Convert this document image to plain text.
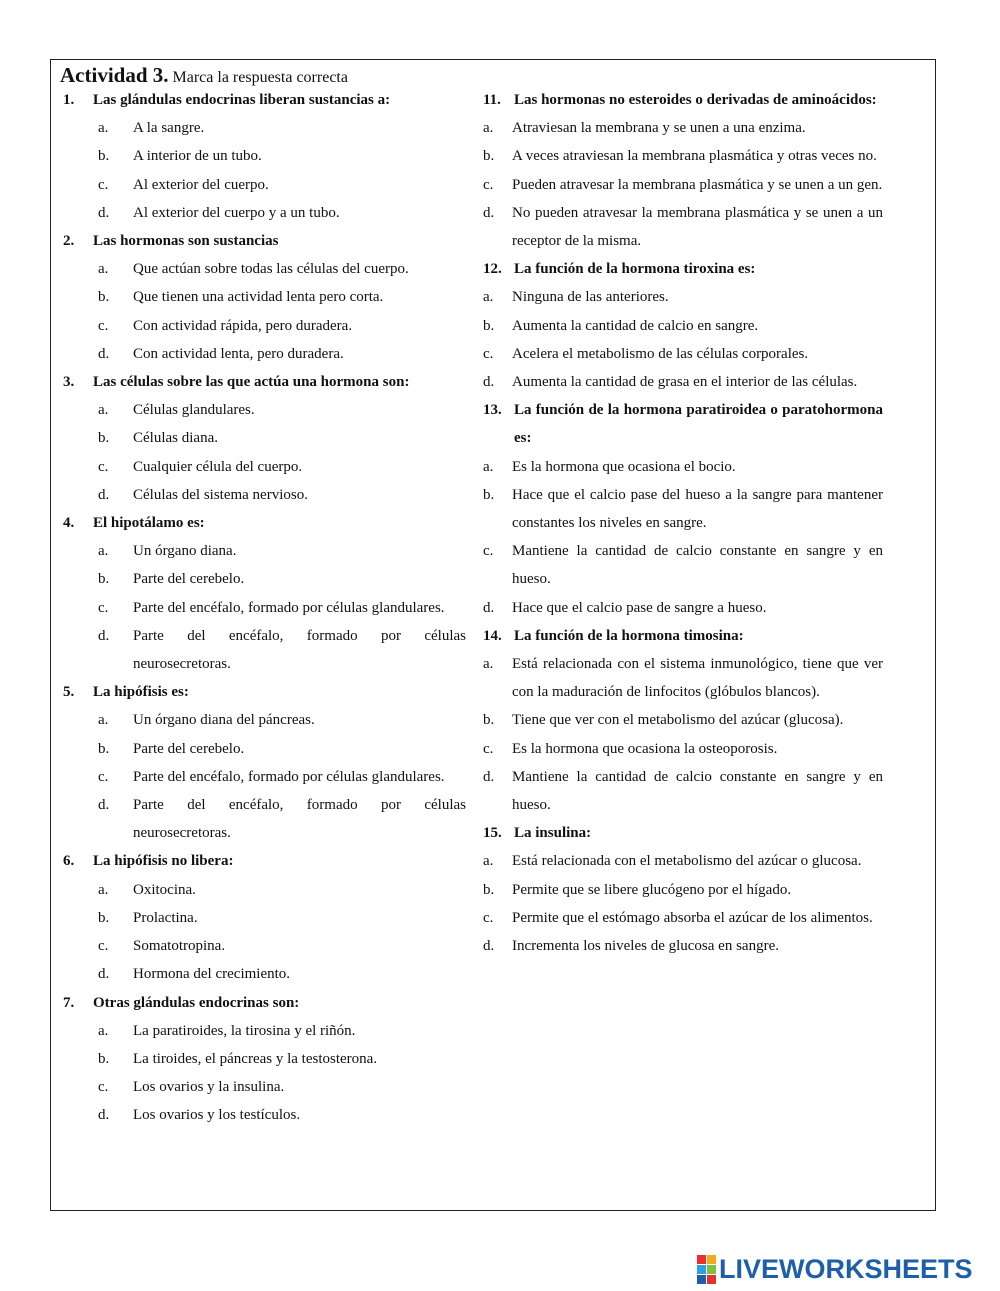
Actividad 3. Marca la respuesta correcta
1.	Las glándulas endocrinas liberan sustancias a:
a.	A la sangre.
b.	A interior de un tubo.
c.	Al exterior del cuerpo.
d.	Al exterior del cuerpo y a un tubo.
2.	Las hormonas son sustancias
a.	Que actúan sobre todas las células del cuerpo.
b.	Que tienen una actividad lenta pero corta.
c.	Con actividad rápida, pero duradera.
d.	Con actividad lenta, pero duradera.
3.	Las células sobre las que actúa una hormona son:
a.	Células glandulares.
b.	Células diana.
c.	Cualquier célula del cuerpo.
d.	Células del sistema nervioso.
4.	El hipotálamo es:
a.	Un órgano diana.
b.	Parte del cerebelo.
c.	Parte del encéfalo, formado por células glandulares.
d.	Parte del encéfalo, formado por células neurosecretoras.
5.	La hipófisis es:
a.	Un órgano diana del páncreas.
b.	Parte del cerebelo.
c.	Parte del encéfalo, formado por células glandulares.
d.	Parte del encéfalo, formado por células neurosecretoras.
6.	La hipófisis no libera:
a.	Oxitocina.
b.	Prolactina.
c.	Somatotropina.
d.	Hormona del crecimiento.
7.	Otras glándulas endocrinas son:
a.	La paratiroides, la tirosina y el riñón.
b.	La tiroides, el páncreas y la testosterona.
c.	Los ovarios y la insulina.
d.	Los ovarios y los testículos.
11. Las hormonas no esteroides o derivadas de aminoácidos:
a.	Atraviesan la membrana y se unen a una enzima.
b.	A veces atraviesan la membrana plasmática y otras veces no.
c.	Pueden atravesar la membrana plasmática y se unen a un gen.
d.	No pueden atravesar la membrana plasmática y se unen a un receptor de la misma.
12. La función de la hormona tiroxina es:
a.	Ninguna de las anteriores.
b.	Aumenta la cantidad de calcio en sangre.
c.	Acelera el metabolismo de las células corporales.
d.	Aumenta la cantidad de grasa en el interior de las células.
13. La función de la hormona paratiroidea o paratohormona es:
a.	Es la hormona que ocasiona el bocio.
b.	Hace que el calcio pase del hueso a la sangre para mantener constantes los niveles en sangre.
c.	Mantiene la cantidad de calcio constante en sangre y en hueso.
d.	Hace que el calcio pase de sangre a hueso.
14. La función de la hormona timosina:
a.	Está relacionada con el sistema inmunológico, tiene que ver con la maduración de linfocitos (glóbulos blancos).
b.	Tiene que ver con el metabolismo del azúcar (glucosa).
c.	Es la hormona que ocasiona la osteoporosis.
d.	Mantiene la cantidad de calcio constante en sangre y en hueso.
15. La insulina:
a.	Está relacionada con el metabolismo del azúcar o glucosa.
b.	Permite que se libere glucógeno por el hígado.
c.	Permite que el estómago absorba el azúcar de los alimentos.
d.	Incrementa los niveles de glucosa en sangre.
LIVEWORKSHEETS
